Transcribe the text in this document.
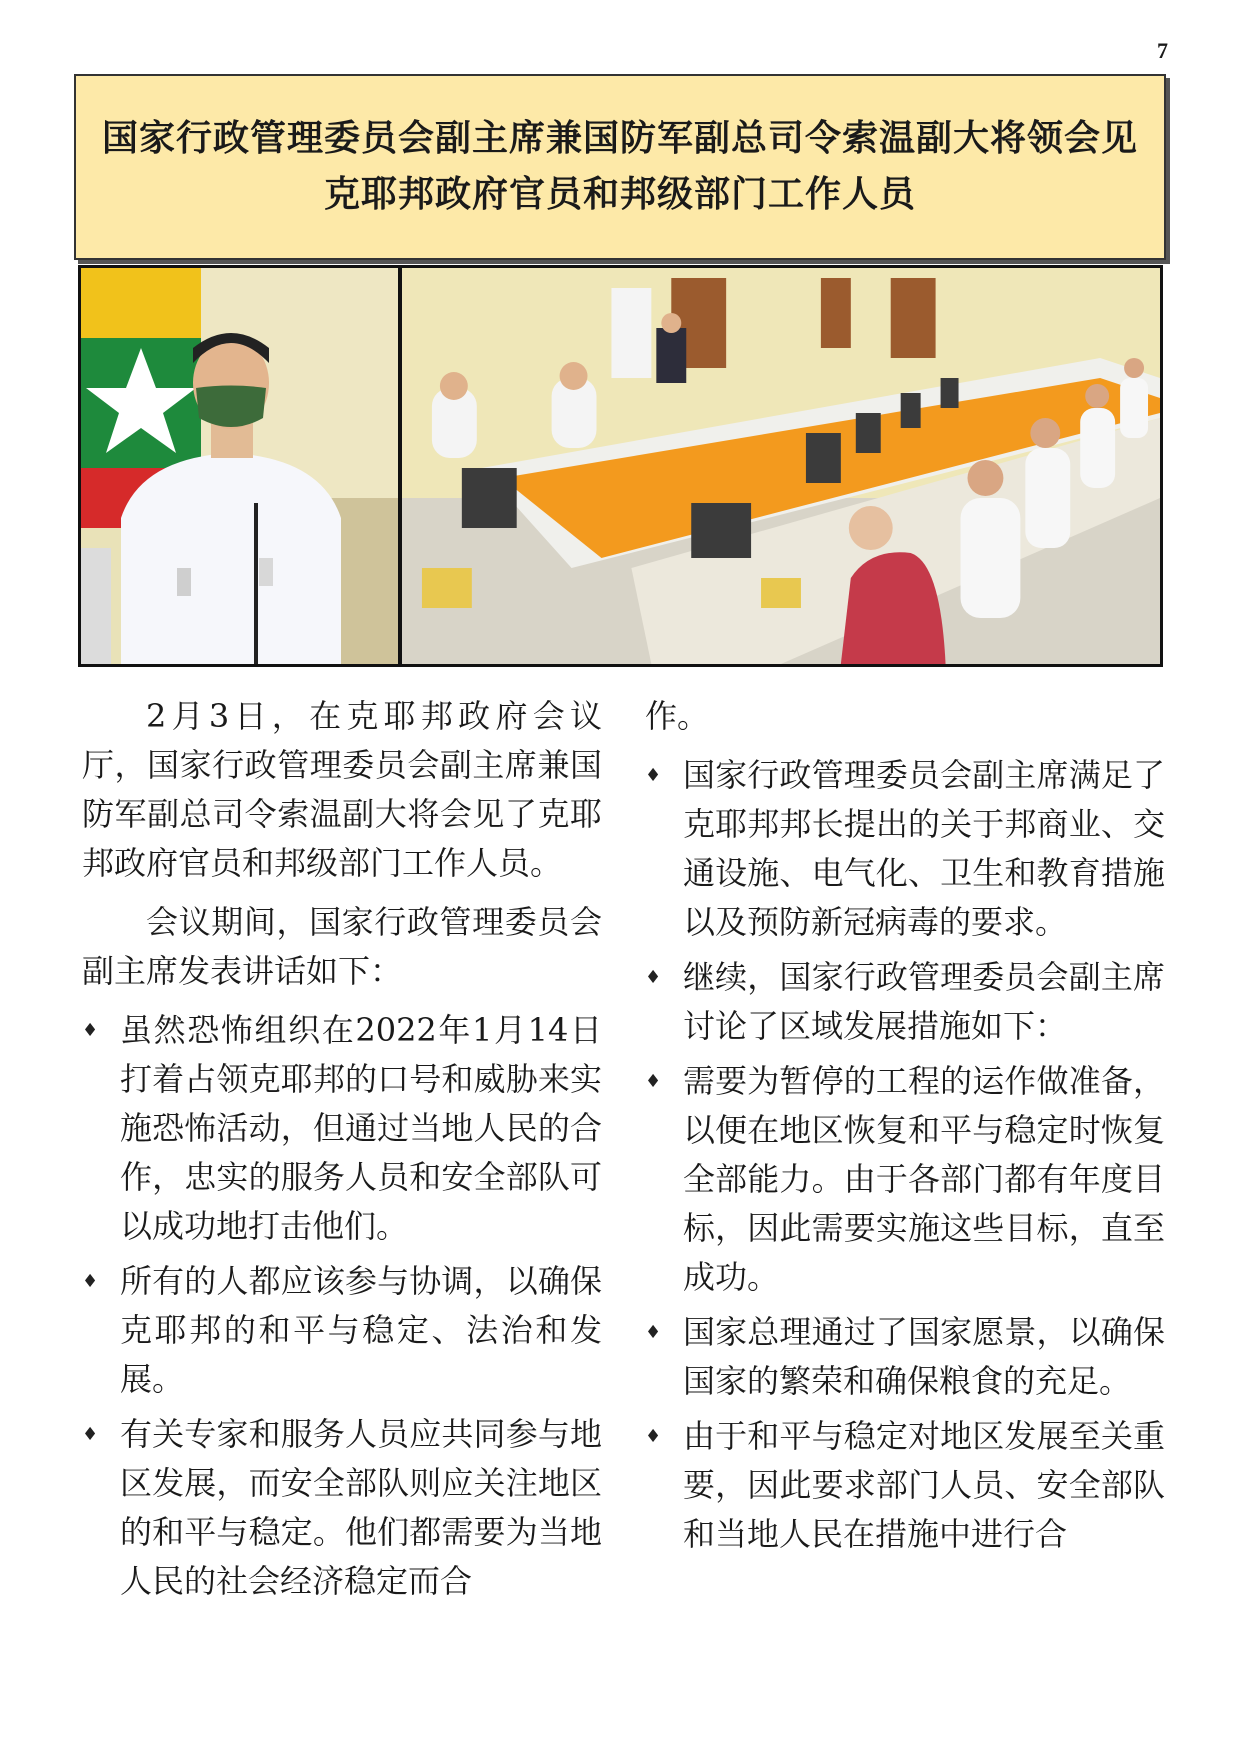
7
国家行政管理委员会副主席兼国防军副总司令索温副大将领会见
克耶邦政府官员和邦级部门工作人员

2月3日，在克耶邦政府会议厅，国家行政管理委员会副主席兼国防军副总司令索温副大将会见了克耶邦政府官员和邦级部门工作人员。

会议期间，国家行政管理委员会副主席发表讲话如下：

♦ 虽然恐怖组织在2022年1月14日打着占领克耶邦的口号和威胁来实施恐怖活动，但通过当地人民的合作，忠实的服务人员和安全部队可以成功地打击他们。
♦ 所有的人都应该参与协调，以确保克耶邦的和平与稳定、法治和发展。
♦ 有关专家和服务人员应共同参与地区发展，而安全部队则应关注地区的和平与稳定。他们都需要为当地人民的社会经济稳定而合

作。

♦ 国家行政管理委员会副主席满足了克耶邦邦长提出的关于邦商业、交通设施、电气化、卫生和教育措施以及预防新冠病毒的要求。
♦ 继续，国家行政管理委员会副主席讨论了区域发展措施如下：
♦ 需要为暂停的工程的运作做准备，以便在地区恢复和平与稳定时恢复全部能力。由于各部门都有年度目标，因此需要实施这些目标，直至成功。
♦ 国家总理通过了国家愿景，以确保国家的繁荣和确保粮食的充足。
♦ 由于和平与稳定对地区发展至关重要，因此要求部门人员、安全部队和当地人民在措施中进行合
